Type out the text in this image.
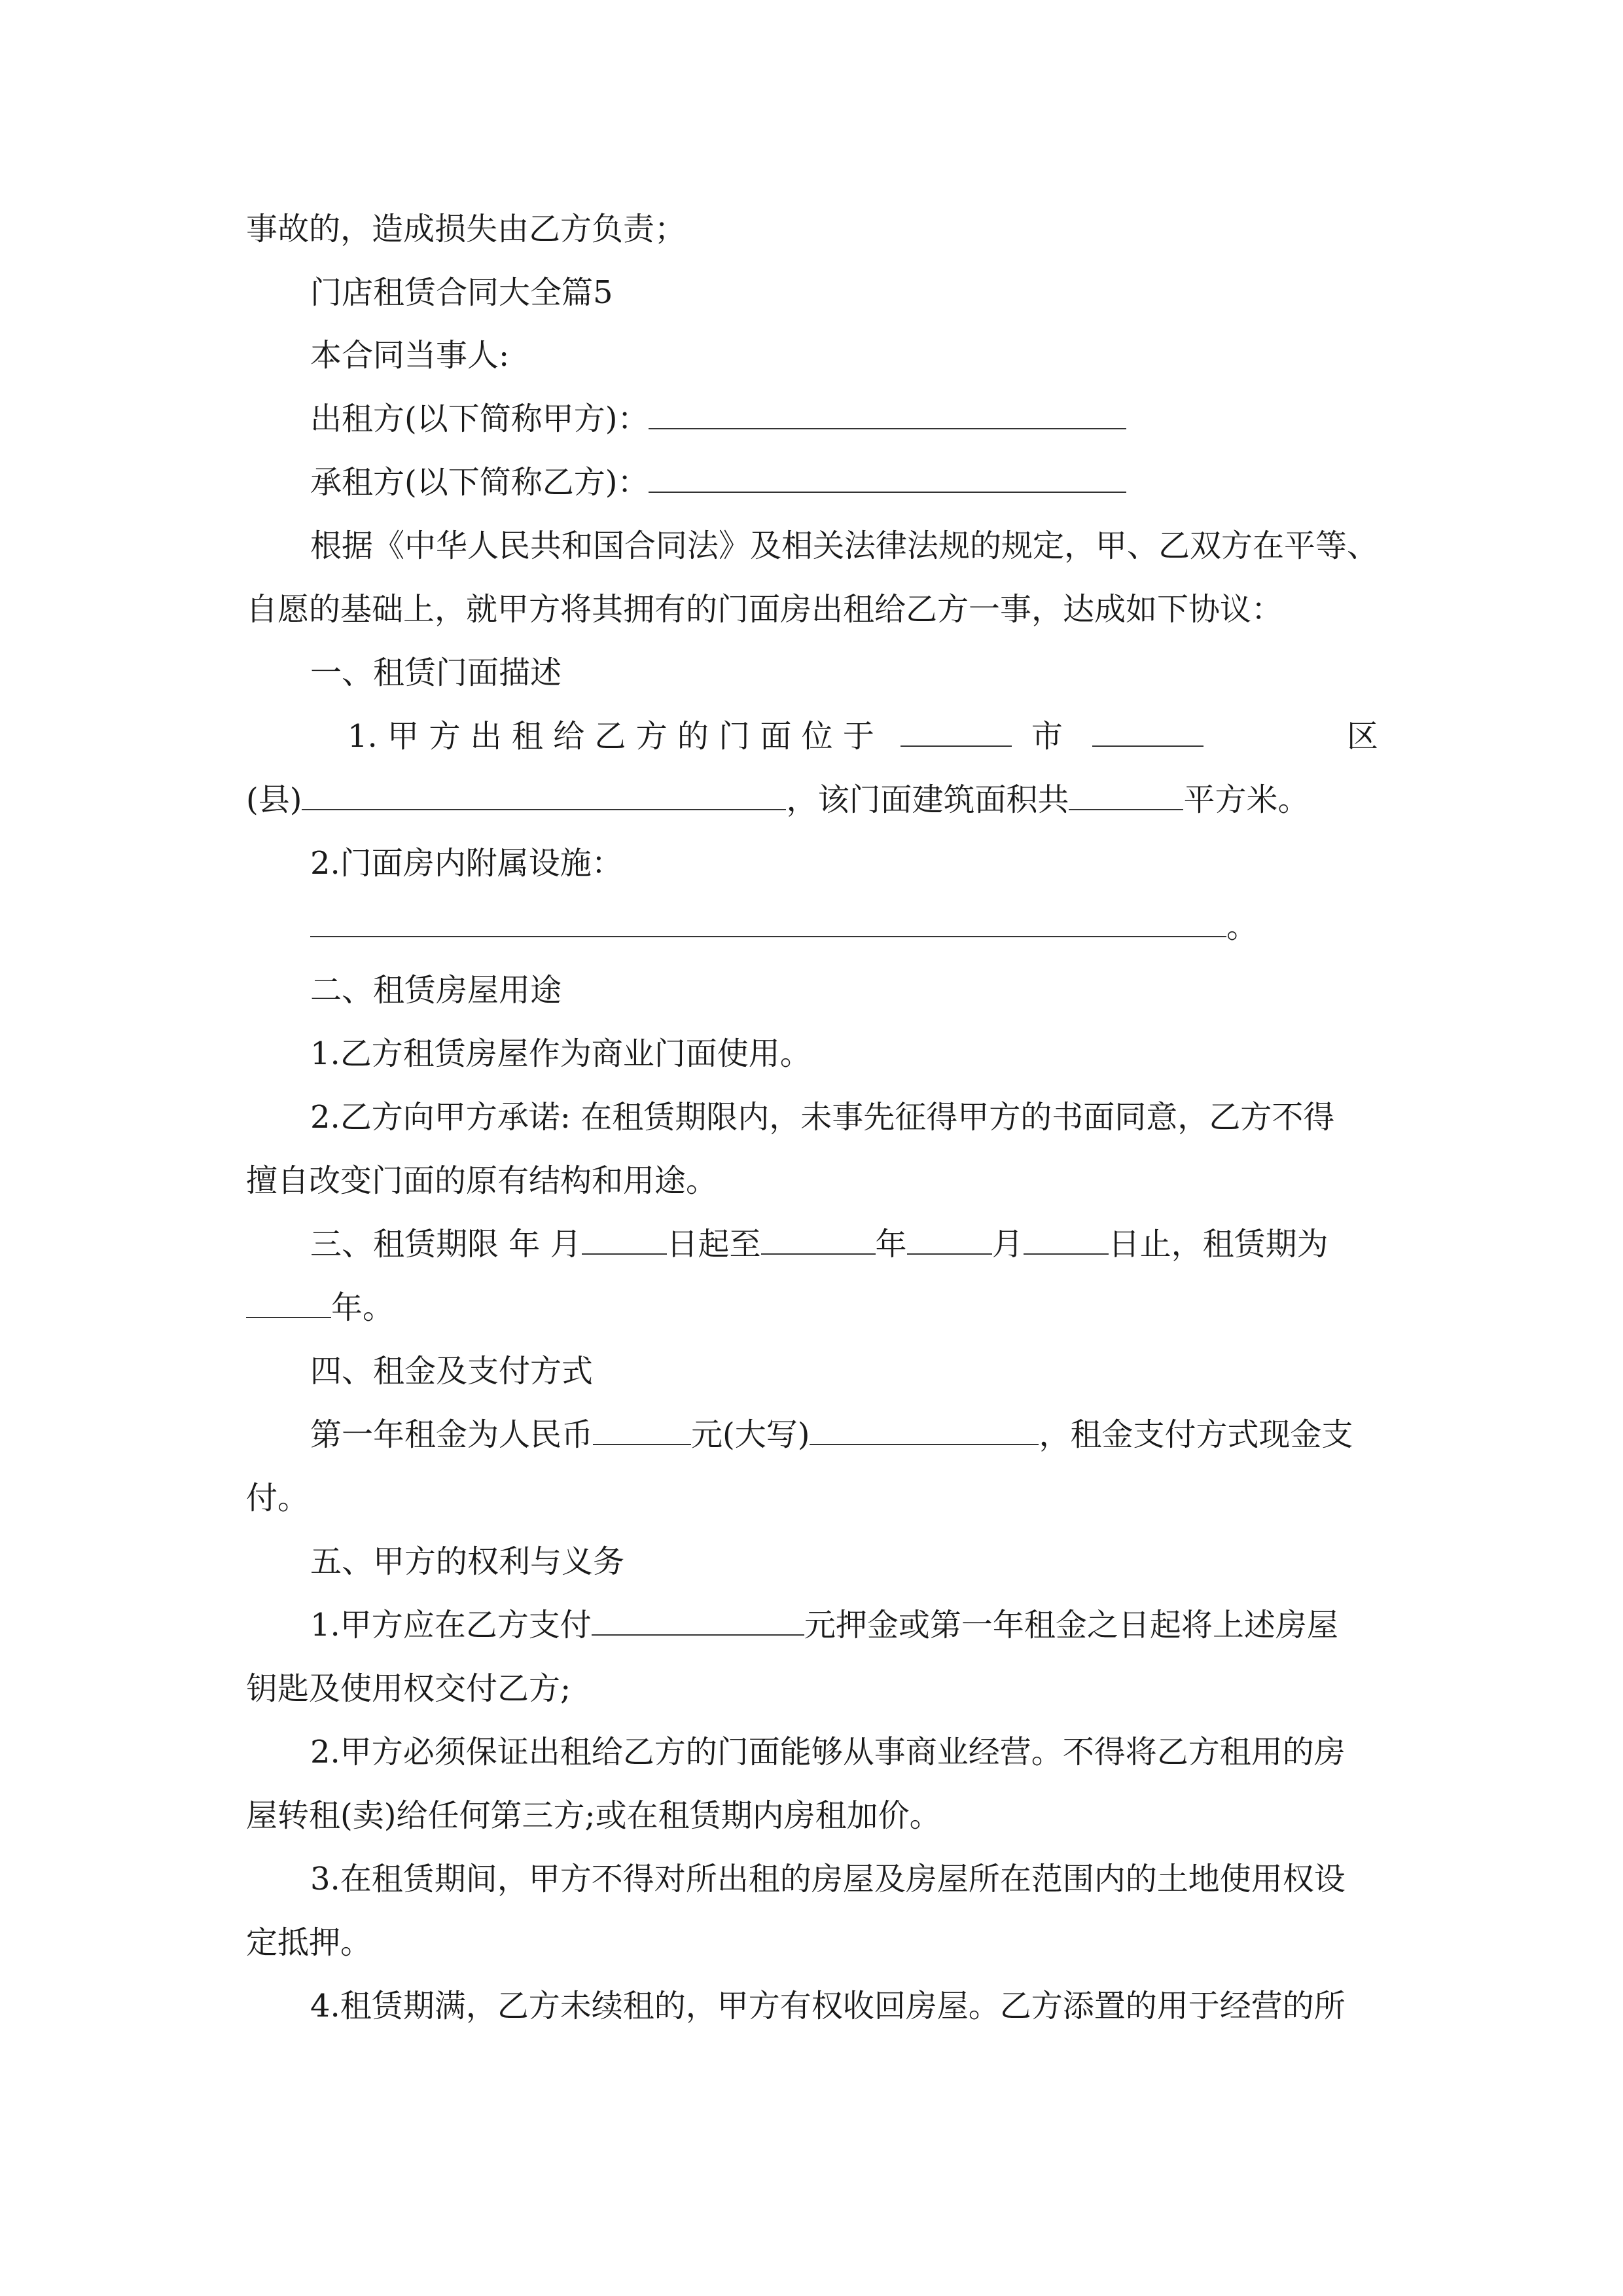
事故的，造成损失由乙方负责；
门店租赁合同大全篇5
本合同当事人:
出租方(以下简称甲方)：
承租方(以下简称乙方)：
根据《中华人民共和国合同法》及相关法律法规的规定，甲、乙双方在平等、
自愿的基础上，就甲方将其拥有的门面房出租给乙方一事，达成如下协议：
一、租赁门面描述
1. 甲 方 出 租 给 乙 方 的 门 面 位 于	市	区
(县)	，该门面建筑面积共	平方米。
2.门面房内附属设施：
。
二、租赁房屋用途
1.乙方租赁房屋作为商业门面使用。
2.乙方向甲方承诺: 在租赁期限内，未事先征得甲方的书面同意，乙方不得
擅自改变门面的原有结构和用途。
三、租赁期限 年 月	日起至	年	月	日止，租赁期为
年。
四、租金及支付方式
第一年租金为人民币	元(大写)	，租金支付方式现金支
付。
五、甲方的权利与义务
1.甲方应在乙方支付	元押金或第一年租金之日起将上述房屋
钥匙及使用权交付乙方;
2.甲方必须保证出租给乙方的门面能够从事商业经营。不得将乙方租用的房
屋转租(卖)给任何第三方;或在租赁期内房租加价。
3.在租赁期间，甲方不得对所出租的房屋及房屋所在范围内的土地使用权设
定抵押。
4.租赁期满，乙方未续租的，甲方有权收回房屋。乙方添置的用于经营的所
